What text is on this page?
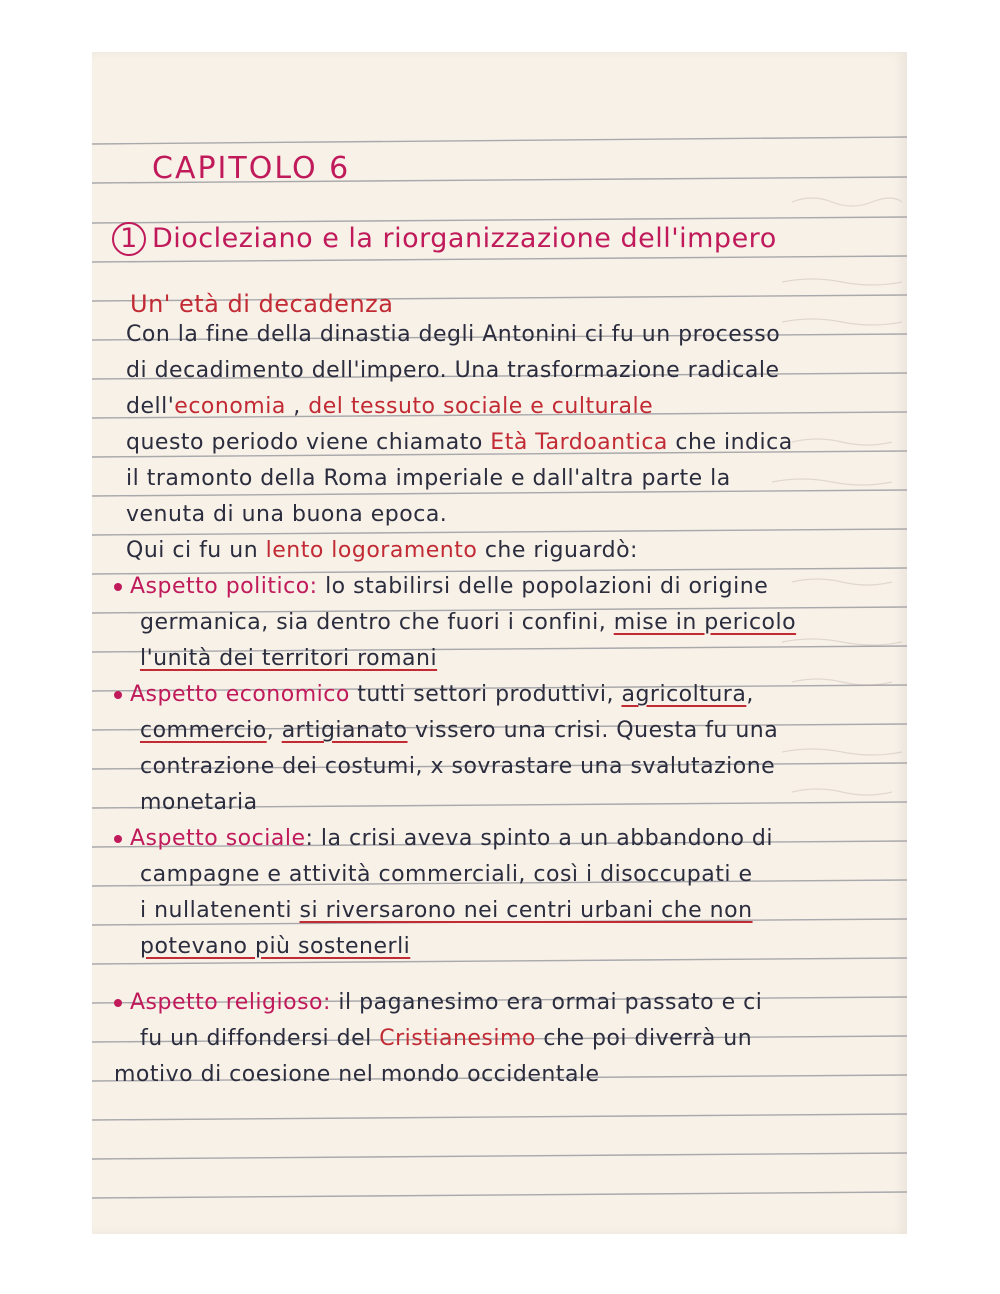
CAPITOLO 6
1 Diocleziano e la riorganizzazione dell'impero
Un' età di decadenza
Con la fine della dinastia degli Antonini ci fu un processo
di decadimento dell'impero. Una trasformazione radicale
dell'economia , del tessuto sociale e culturale
questo periodo viene chiamato Età Tardoantica che indica
il tramonto della Roma imperiale e dall'altra parte la
venuta di una buona epoca.
Qui ci fu un lento logoramento che riguardò:
Aspetto politico: lo stabilirsi delle popolazioni di origine
germanica, sia dentro che fuori i confini, mise in pericolo
l'unità dei territori romani
Aspetto economico tutti settori produttivi, agricoltura,
commercio, artigianato vissero una crisi. Questa fu una
contrazione dei costumi, x sovrastare una svalutazione
monetaria
Aspetto sociale: la crisi aveva spinto a un abbandono di
campagne e attività commerciali, così i disoccupati e
i nullatenenti si riversarono nei centri urbani che non
potevano più sostenerli
Aspetto religioso: il paganesimo era ormai passato e ci
fu un diffondersi del Cristianesimo che poi diverrà un
motivo di coesione nel mondo occidentale
